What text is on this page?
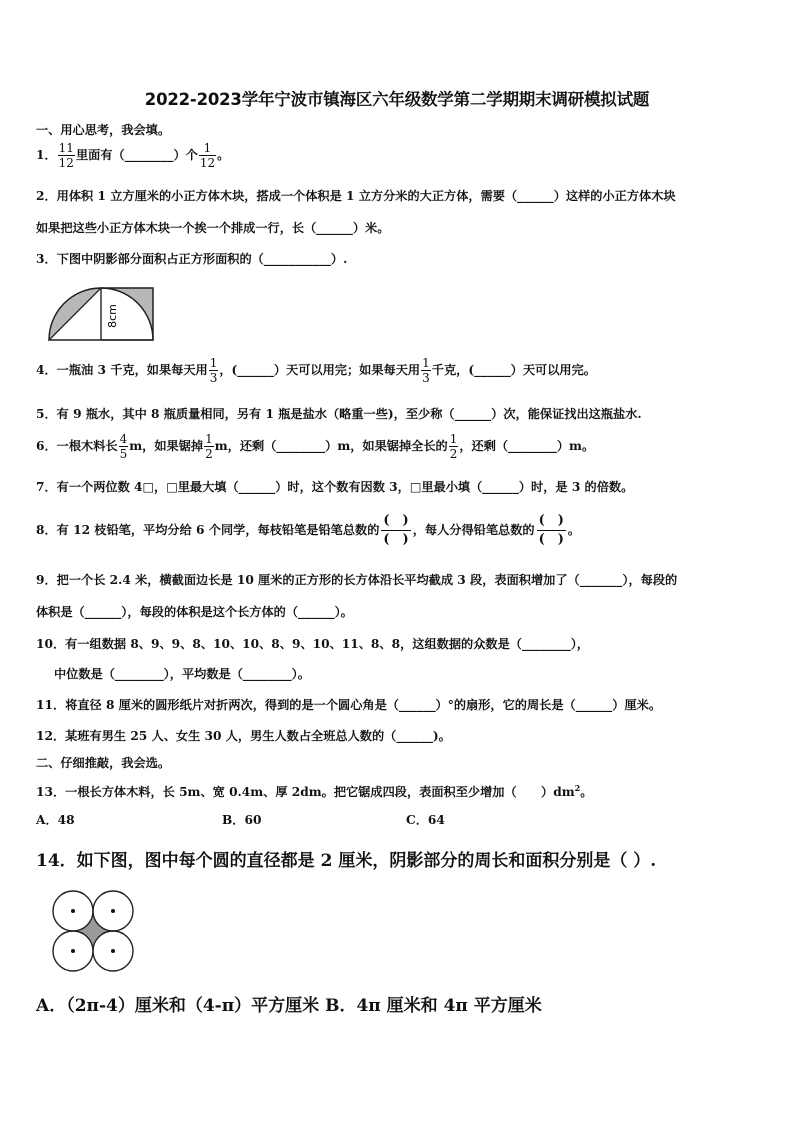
2022-2023学年宁波市镇海区六年级数学第二学期期末调研模拟试题
一、用心思考，我会填。
1． $\frac{11}{12}$ 里面有（________）个 $\frac{1}{12}$ 。
2．用体积 1 立方厘米的小正方体木块，搭成一个体积是 1 立方分米的大正方体，需要（______）这样的小正方体木块
如果把这些小正方体木块一个挨一个排成一行，长（______）米。
3．下图中阴影部分面积占正方形面积的（___________）.
8cm
4．一瓶油 3 千克，如果每天用 $\frac{1}{3}$ ，(______）天可以用完；如果每天用 $\frac{1}{3}$ 千克，(______）天可以用完。
5．有 9 瓶水，其中 8 瓶质量相同，另有 1 瓶是盐水（略重一些)，至少称（______）次，能保证找出这瓶盐水.
6．一根木料长 $\frac{4}{5}$ m，如果锯掉 $\frac{1}{2}$ m，还剩（________）m，如果锯掉全长的 $\frac{1}{2}$ ，还剩（________）m。
7．有一个两位数 4□，□里最大填（______）时，这个数有因数 3，□里最小填（______）时，是 3 的倍数。
8．有 12 枝铅笔，平均分给 6 个同学，每枝铅笔是铅笔总数的 $\frac{( )}{( )}$ ，每人分得铅笔总数的 $\frac{( )}{( )}$ 。
9．把一个长 2.4 米，横截面边长是 10 厘米的正方形的长方体沿长平均截成 3 段，表面积增加了（_______），每段的
体积是（______），每段的体积是这个长方体的（______）。
10．有一组数据 8、9、9、8、10、10、8、9、10、11、8、8，这组数据的众数是（________），
中位数是（________），平均数是（________）。
11．将直径 8 厘米的圆形纸片对折两次，得到的是一个圆心角是（______）°的扇形，它的周长是（______）厘米。
12．某班有男生 25 人、女生 30 人，男生人数占全班总人数的（______)。
二、仔细推敲，我会选。
13．一根长方体木料，长 5m、宽 0.4m、厚 2dm。把它锯成四段，表面积至少增加（　　）$dm^2$。
A．48	B．60	C．64
14．如下图，图中每个圆的直径都是 2 厘米，阴影部分的周长和面积分别是（ ）.
A．（2π-4）厘米和（4-π）平方厘米 B．4π 厘米和 4π 平方厘米
